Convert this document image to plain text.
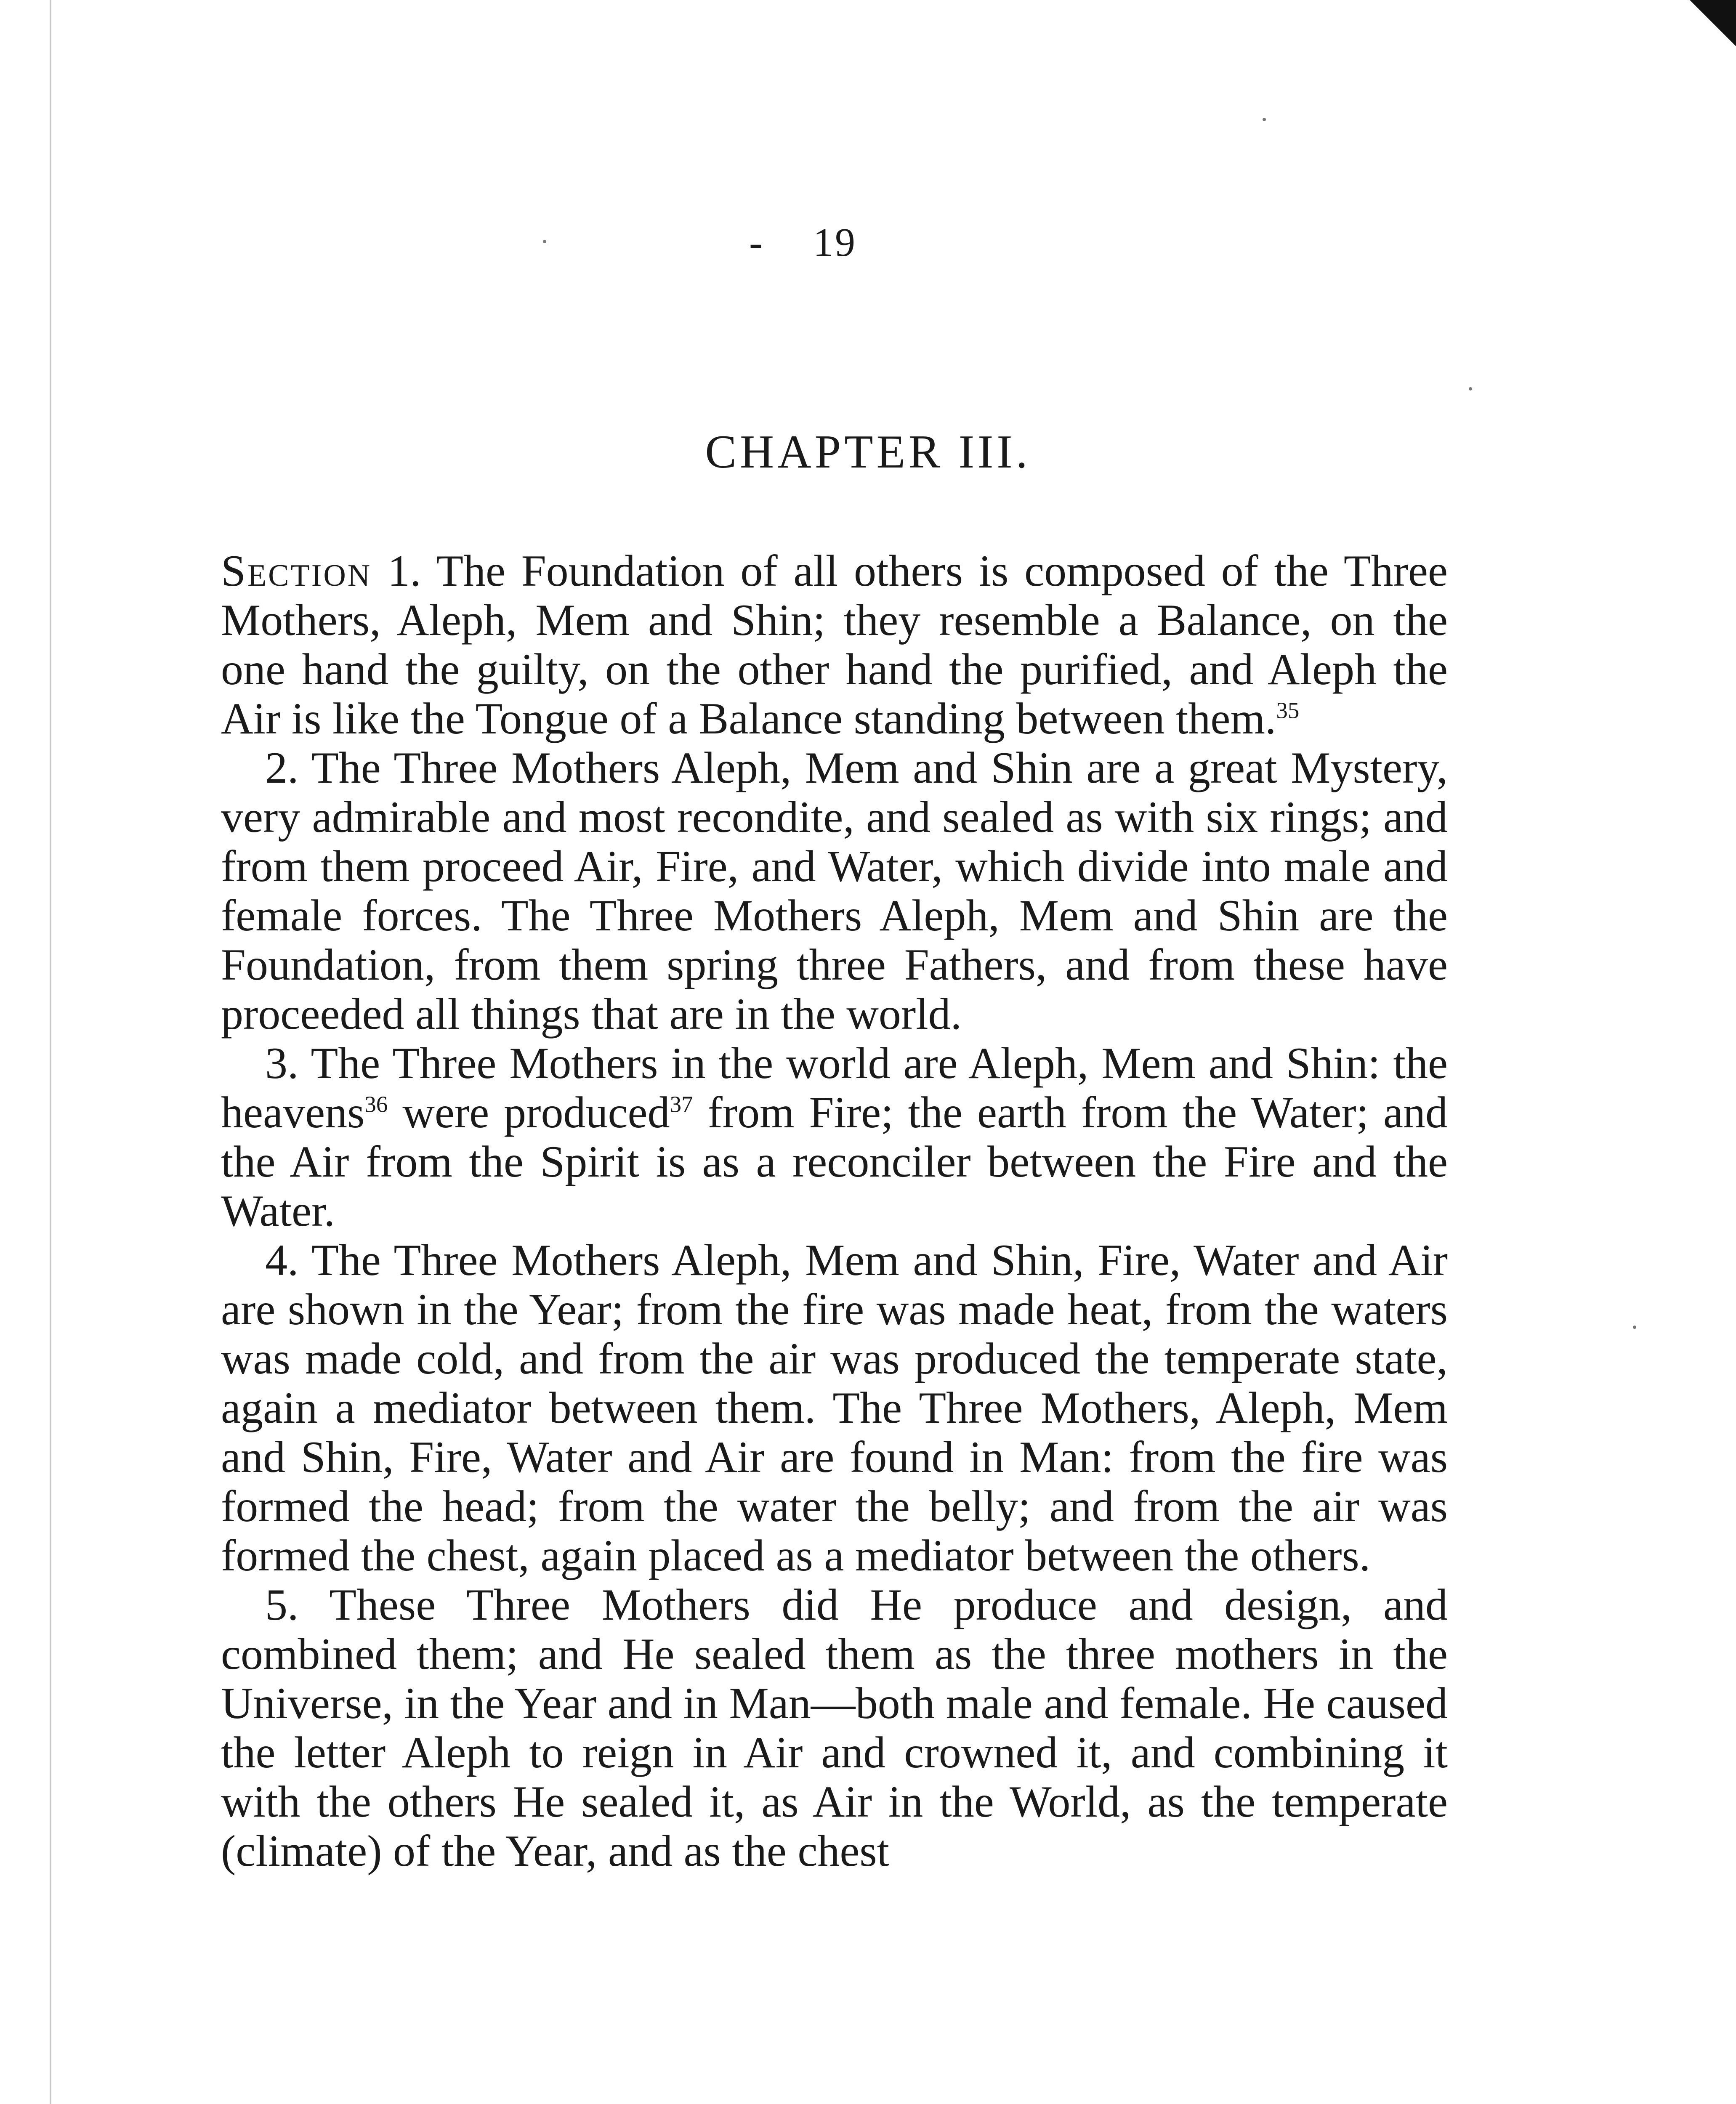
- 19
CHAPTER III.

Section 1. The Foundation of all others is composed of the Three Mothers, Aleph, Mem and Shin; they resemble a Balance, on the one hand the guilty, on the other hand the purified, and Aleph the Air is like the Tongue of a Balance standing between them.$^{35}$

2. The Three Mothers Aleph, Mem and Shin are a great Mystery, very admirable and most recondite, and sealed as with six rings; and from them proceed Air, Fire, and Water, which divide into male and female forces. The Three Mothers Aleph, Mem and Shin are the Foundation, from them spring three Fathers, and from these have proceeded all things that are in the world.

3. The Three Mothers in the world are Aleph, Mem and Shin: the heavens$^{36}$ were produced$^{37}$ from Fire; the earth from the Water; and the Air from the Spirit is as a reconciler between the Fire and the Water.

4. The Three Mothers Aleph, Mem and Shin, Fire, Water and Air are shown in the Year; from the fire was made heat, from the waters was made cold, and from the air was produced the temperate state, again a mediator between them. The Three Mothers, Aleph, Mem and Shin, Fire, Water and Air are found in Man: from the fire was formed the head; from the water the belly; and from the air was formed the chest, again placed as a mediator between the others.

5. These Three Mothers did He produce and design, and combined them; and He sealed them as the three mothers in the Universe, in the Year and in Man—both male and female. He caused the letter Aleph to reign in Air and crowned it, and combining it with the others He sealed it, as Air in the World, as the temperate (climate) of the Year, and as the chest
